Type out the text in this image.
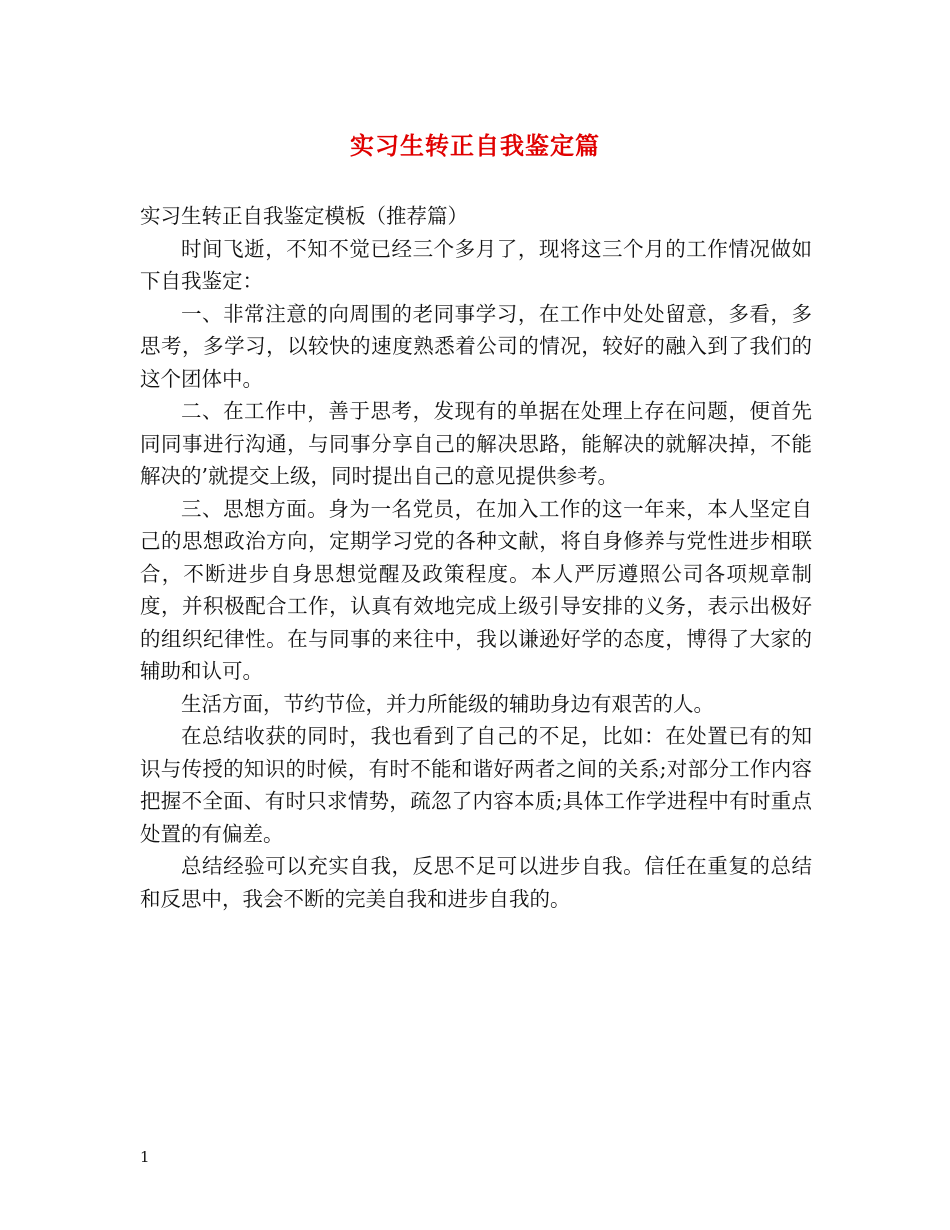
实习生转正自我鉴定篇

实习生转正自我鉴定模板（推荐篇）

时间飞逝，不知不觉已经三个多月了，现将这三个月的工作情况做如下自我鉴定：

一、非常注意的向周围的老同事学习，在工作中处处留意，多看，多思考，多学习，以较快的速度熟悉着公司的情况，较好的融入到了我们的这个团体中。

二、在工作中，善于思考，发现有的单据在处理上存在问题，便首先同同事进行沟通，与同事分享自己的解决思路，能解决的就解决掉，不能解决的’就提交上级，同时提出自己的意见提供参考。

三、思想方面。身为一名党员，在加入工作的这一年来，本人坚定自己的思想政治方向，定期学习党的各种文献，将自身修养与党性进步相联合，不断进步自身思想觉醒及政策程度。本人严厉遵照公司各项规章制度，并积极配合工作，认真有效地完成上级引导安排的义务，表示出极好的组织纪律性。在与同事的来往中，我以谦逊好学的态度，博得了大家的辅助和认可。

生活方面，节约节俭，并力所能级的辅助身边有艰苦的人。

在总结收获的同时，我也看到了自己的不足，比如：在处置已有的知识与传授的知识的时候，有时不能和谐好两者之间的关系;对部分工作内容把握不全面、有时只求情势，疏忽了内容本质;具体工作学进程中有时重点处置的有偏差。

总结经验可以充实自我，反思不足可以进步自我。信任在重复的总结和反思中，我会不断的完美自我和进步自我的。

1
